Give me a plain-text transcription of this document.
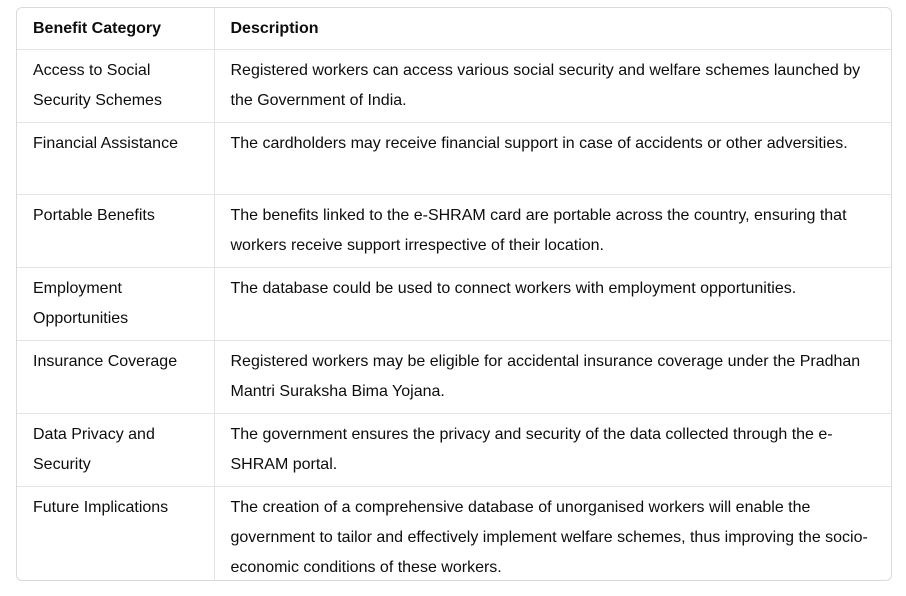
Benefit Category	Description
Access to Social Security Schemes	Registered workers can access various social security and welfare schemes launched by the Government of India.
Financial Assistance	The cardholders may receive financial support in case of accidents or other adversities.
Portable Benefits	The benefits linked to the e-SHRAM card are portable across the country, ensuring that workers receive support irrespective of their location.
Employment Opportunities	The database could be used to connect workers with employment opportunities.
Insurance Coverage	Registered workers may be eligible for accidental insurance coverage under the Pradhan Mantri Suraksha Bima Yojana.
Data Privacy and Security	The government ensures the privacy and security of the data collected through the e-SHRAM portal.
Future Implications	The creation of a comprehensive database of unorganised workers will enable the government to tailor and effectively implement welfare schemes, thus improving the socio-economic conditions of these workers.
